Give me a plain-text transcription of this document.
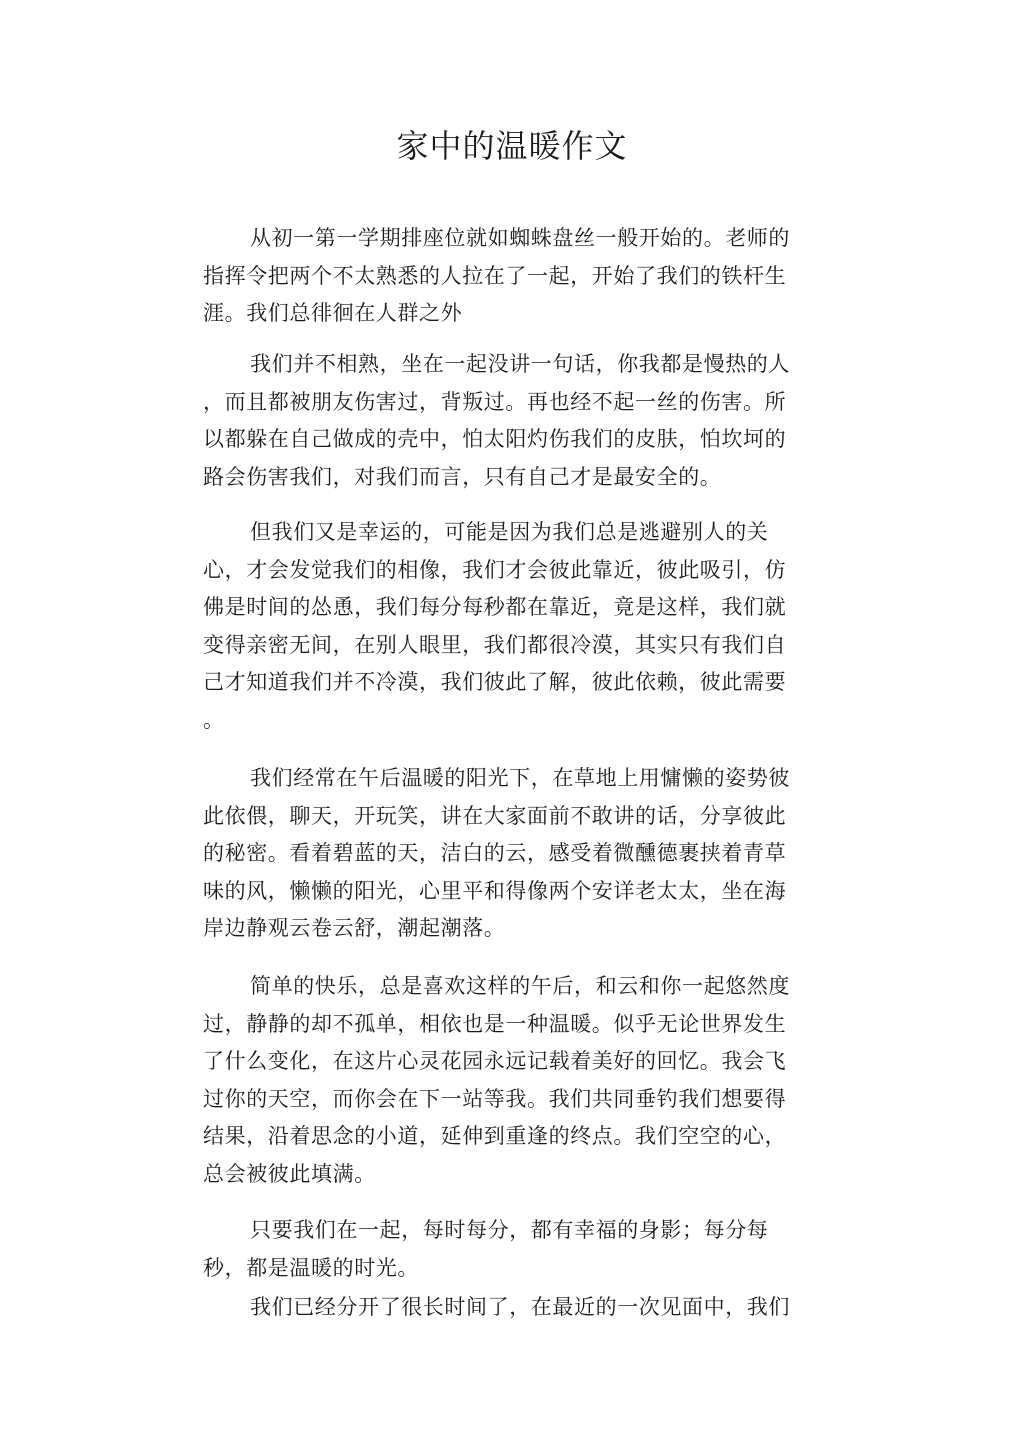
家中的温暖作文

从初一第一学期排座位就如蜘蛛盘丝一般开始的。老师的
指挥令把两个不太熟悉的人拉在了一起，开始了我们的铁杆生
涯。我们总徘徊在人群之外

我们并不相熟，坐在一起没讲一句话，你我都是慢热的人
，而且都被朋友伤害过，背叛过。再也经不起一丝的伤害。所
以都躲在自己做成的壳中，怕太阳灼伤我们的皮肤，怕坎坷的
路会伤害我们，对我们而言，只有自己才是最安全的。

但我们又是幸运的，可能是因为我们总是逃避别人的关
心，才会发觉我们的相像，我们才会彼此靠近，彼此吸引，仿
佛是时间的怂恿，我们每分每秒都在靠近，竟是这样，我们就
变得亲密无间，在别人眼里，我们都很冷漠，其实只有我们自
己才知道我们并不冷漠，我们彼此了解，彼此依赖，彼此需要
。

我们经常在午后温暖的阳光下，在草地上用慵懒的姿势彼
此依偎，聊天，开玩笑，讲在大家面前不敢讲的话，分享彼此
的秘密。看着碧蓝的天，洁白的云，感受着微醺德裹挟着青草
味的风，懒懒的阳光，心里平和得像两个安详老太太，坐在海
岸边静观云卷云舒，潮起潮落。

简单的快乐，总是喜欢这样的午后，和云和你一起悠然度
过，静静的却不孤单，相依也是一种温暖。似乎无论世界发生
了什么变化，在这片心灵花园永远记载着美好的回忆。我会飞
过你的天空，而你会在下一站等我。我们共同垂钓我们想要得
结果，沿着思念的小道，延伸到重逢的终点。我们空空的心，
总会被彼此填满。

只要我们在一起，每时每分，都有幸福的身影；每分每
秒，都是温暖的时光。

我们已经分开了很长时间了，在最近的一次见面中，我们
